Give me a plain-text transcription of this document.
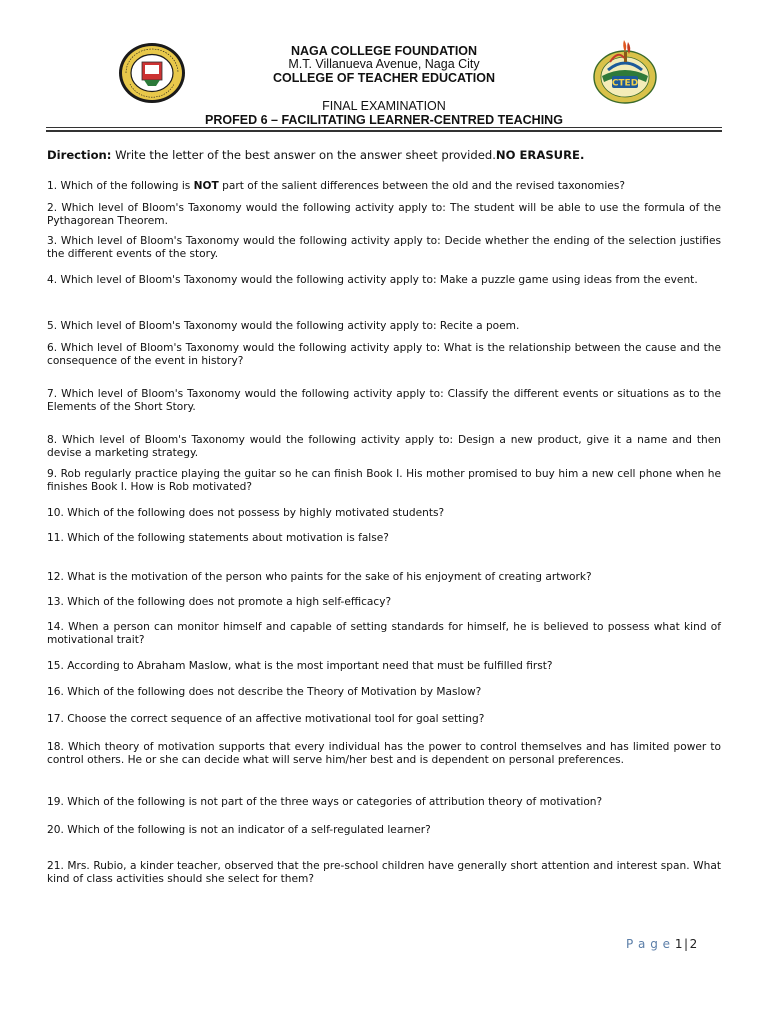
NAGA COLLEGE FOUNDATION
M.T. Villanueva Avenue, Naga City
COLLEGE OF TEACHER EDUCATION
FINAL EXAMINATION
PROFED 6 – FACILITATING LEARNER-CENTRED TEACHING
CTED
Direction: Write the letter of the best answer on the answer sheet provided.NO ERASURE.
1. Which of the following is NOT part of the salient differences between the old and the revised taxonomies?
2. Which level of Bloom's Taxonomy would the following activity apply to: The student will be able to use the formula of the Pythagorean Theorem.
3. Which level of Bloom's Taxonomy would the following activity apply to: Decide whether the ending of the selection justifies the different events of the story.
4. Which level of Bloom's Taxonomy would the following activity apply to: Make a puzzle game using ideas from the event.
5. Which level of Bloom's Taxonomy would the following activity apply to: Recite a poem.
6. Which level of Bloom's Taxonomy would the following activity apply to: What is the relationship between the cause and the consequence of the event in history?
7. Which level of Bloom's Taxonomy would the following activity apply to: Classify the different events or situations as to the Elements of the Short Story.
8. Which level of Bloom's Taxonomy would the following activity apply to: Design a new product, give it a name and then devise a marketing strategy.
9. Rob regularly practice playing the guitar so he can finish Book I. His mother promised to buy him a new cell phone when he finishes Book I. How is Rob motivated?
10. Which of the following does not possess by highly motivated students?
11. Which of the following statements about motivation is false?
12. What is the motivation of the person who paints for the sake of his enjoyment of creating artwork?
13. Which of the following does not promote a high self-efficacy?
14. When a person can monitor himself and capable of setting standards for himself, he is believed to possess what kind of motivational trait?
15. According to Abraham Maslow, what is the most important need that must be fulfilled first?
16. Which of the following does not describe the Theory of Motivation by Maslow?
17. Choose the correct sequence of an affective motivational tool for goal setting?
18. Which theory of motivation supports that every individual has the power to control themselves and has limited power to control others. He or she can decide what will serve him/her best and is dependent on personal preferences.
19. Which of the following is not part of the three ways or categories of attribution theory of motivation?
20. Which of the following is not an indicator of a self-regulated learner?
21. Mrs. Rubio, a kinder teacher, observed that the pre-school children have generally short attention and interest span. What kind of class activities should she select for them?
P a g e 1|2
